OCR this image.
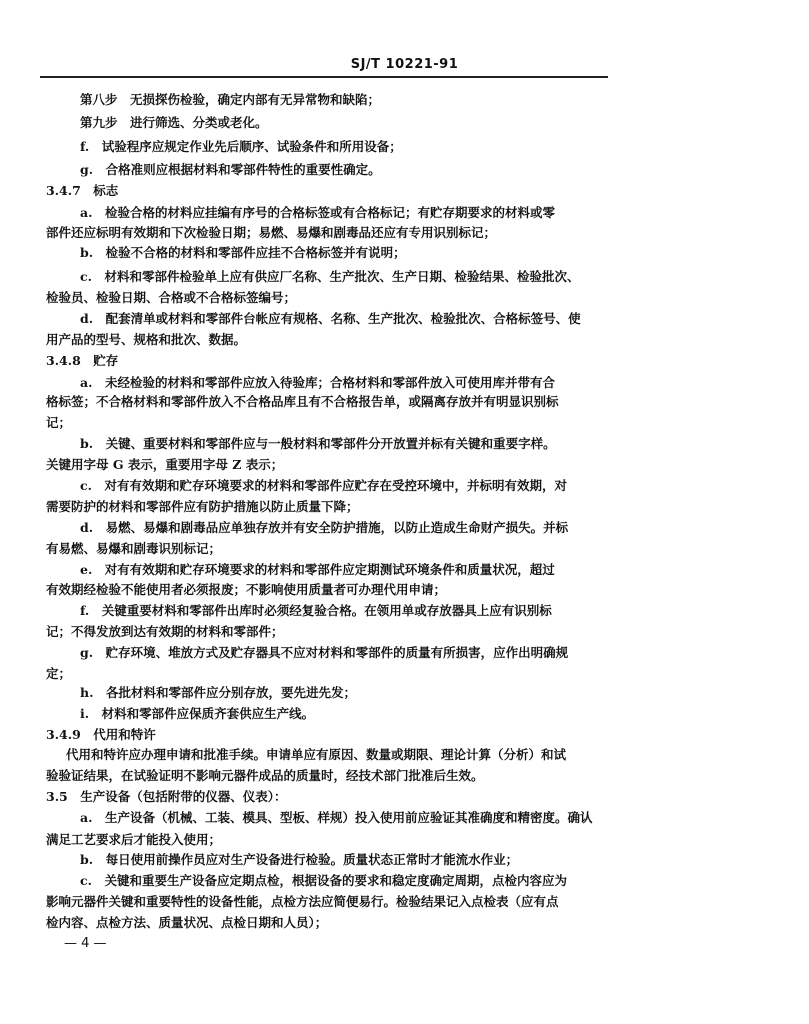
SJ/T 10221-91
第八步　无损探伤检验，确定内部有无异常物和缺陷；
第九步　进行筛选、分类或老化。
f.　试验程序应规定作业先后顺序、试验条件和所用设备；
g.　合格准则应根据材料和零部件特性的重要性确定。
3.4.7　标志
a.　检验合格的材料应挂编有序号的合格标签或有合格标记；有贮存期要求的材料或零
部件还应标明有效期和下次检验日期；易燃、易爆和剧毒品还应有专用识别标记；
b.　检验不合格的材料和零部件应挂不合格标签并有说明；
c.　材料和零部件检验单上应有供应厂名称、生产批次、生产日期、检验结果、检验批次、
检验员、检验日期、合格或不合格标签编号；
d.　配套清单或材料和零部件台帐应有规格、名称、生产批次、检验批次、合格标签号、使
用产品的型号、规格和批次、数据。
3.4.8　贮存
a.　未经检验的材料和零部件应放入待验库；合格材料和零部件放入可使用库并带有合
格标签；不合格材料和零部件放入不合格品库且有不合格报告单，或隔离存放并有明显识别标
记；
b.　关键、重要材料和零部件应与一般材料和零部件分开放置并标有关键和重要字样。
关键用字母 G 表示，重要用字母 Z 表示；
c.　对有有效期和贮存环境要求的材料和零部件应贮存在受控环境中，并标明有效期，对
需要防护的材料和零部件应有防护措施以防止质量下降；
d.　易燃、易爆和剧毒品应单独存放并有安全防护措施，以防止造成生命财产损失。并标
有易燃、易爆和剧毒识别标记；
e.　对有有效期和贮存环境要求的材料和零部件应定期测试环境条件和质量状况，超过
有效期经检验不能使用者必须报废；不影响使用质量者可办理代用申请；
f.　关键重要材料和零部件出库时必须经复验合格。在领用单或存放器具上应有识别标
记；不得发放到达有效期的材料和零部件；
g.　贮存环境、堆放方式及贮存器具不应对材料和零部件的质量有所损害，应作出明确规
定；
h.　各批材料和零部件应分别存放，要先进先发；
i.　材料和零部件应保质齐套供应生产线。
3.4.9　代用和特许
代用和特许应办理申请和批准手续。申请单应有原因、数量或期限、理论计算（分析）和试
验验证结果，在试验证明不影响元器件成品的质量时，经技术部门批准后生效。
3.5　生产设备（包括附带的仪器、仪表）：
a.　生产设备（机械、工装、模具、型板、样规）投入使用前应验证其准确度和精密度。确认
满足工艺要求后才能投入使用；
b.　每日使用前操作员应对生产设备进行检验。质量状态正常时才能流水作业；
c.　关键和重要生产设备应定期点检，根据设备的要求和稳定度确定周期，点检内容应为
影响元器件关键和重要特性的设备性能，点检方法应简便易行。检验结果记入点检表（应有点
检内容、点检方法、质量状况、点检日期和人员）；
— 4 —
